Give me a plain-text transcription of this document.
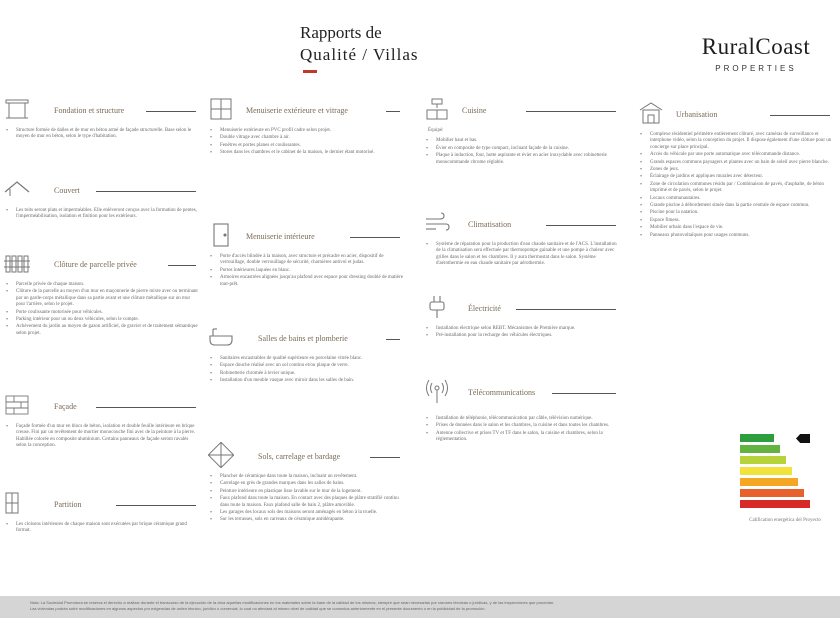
Rapports de
Qualité / Villas	RuralCoast
PROPERTIES
Fondation et structure
• Structure formée de dalles et de mur en béton armé de façade structurelle. Base selon le moyen de mur en béton, selon le type d'habitation.
Couvert
• Les toits seront plats et imperméables. Elle enlèveront conçus avec la formation de pentes, l'imperméabilisation, isolation et finition pour les extérieurs.
Clôture de parcelle privée
• Parcelle privée de chaque maison.
• Clôture de la parcelle au moyen d'un mur en maçonnerie de pierre mixte avec ou terminant par un garde-corps métallique dans sa partie avant et une clôture métallique sur un mur pour l'arrière, selon le projet.
• Porte coulissante motorisée pour véhicules.
• Parking intérieur pour un ou deux véhicules, selon le compte.
• Achèvement du jardin au moyen de gazon artificiel, de gravier et de traitement sémantique selon projet.
Façade
• Façade formée d'un mur en blocs de béton, isolation et double feuille intérieure en brique creuse. Fini par un revêtement de mortier monocouche fini avec de la peinture à la pierre. Habillée colorée en composite aluminium. Certains panneaux de façade seront ravalés selon la conception.
Partition
• Les cloisons intérieures de chaque maison sont exécutées par brique céramique grand format.
Menuiserie extérieure et vitrage
• Menuiserie extérieure en PVC profil cadre selon projet.
• Double vitrage avec chambre à air.
• Fenêtres et portes planes et coulissantes.
• Stores dans les chambres et le cabinet de la maison, le dernier étant motorisé.
Menuiserie intérieure
• Porte d'accès blindée à la maison, avec structure et précadre en acier, dispositif de verrouillage, double verrouillage de sécurité, charnières antivol et judas.
• Portes intérieures laquées en blanc.
• Armoires encastrées alignées jusqu'au plafond avec espace pour dressing doublé de matière tout-prêt.
Salles de bains et plomberie
• Sanitaires encastrables de qualité supérieure en porcelaine vitrée blanc.
• Espace douche réalisé avec un sol continu et/ou plaque de verre.
• Robinetterie chromée à levier unique.
• Installation d'un meuble vasque avec miroir dans les salles de bain.
Sols, carrelage et bardage
• Plancher de céramique dans toute la maison, incluant un revêtement.
• Carrelage en grès de grandes marques dans les salles de bains.
• Peinture intérieure en plastique lisse lavable sur le mur de la logement.
• Faux plafond dans toute la maison. En contact avec des plaques de plâtre stratifié continu dans toute la maison. Faux plafond salle de bain 2, plâtre amovible.
• Les garages des locaux sols des maisons seront aménagés en béton à la truelle.
• Sur les terrasses, sols en carreaux de céramique antidérapante.
Cuisine

Équipé:

• Mobilier haut et bas.
• Évier en composite de type compact, incluant façade de la cuisine.
• Plaque à induction, four, hotte aspirante et évier en acier inoxydable avec robinetterie monocommande chrome réglable.
Climatisation
• Système de réparation pour la production d'eau chaude sanitaire et de l'ACS. L'installation de la climatisation sera effectuée par thermopompe gainable et une pompe à chaleur avec grilles dans le salon et les chambres. Il y aura thermostat dans le salon. Système d'aérothermie en eau chaude sanitaire par aérothermie.
Électricité
• Installation électrique selon REBT. Mécanismes de Première marque.
• Pré-installation pour la recharge des véhicules électriques.
Télécommunications
• Installation de téléphonie, télécommunication par câble, télévision numérique.
• Prises de données dans le salon et les chambres, la cuisine et dans toutes les chambres.
• Antenne collective et prises TV et TF dans le salon, la cuisine et chambres, selon la réglementation.
Urbanisation
• Complexe résidentiel périmètre entièrement clôturé, avec caméras de surveillance et interphone vidéo, selon la conception du projet. Il dispose également d'une clôture pour un concierge sur place principal.
• Accès du véhicule par une porte automatique avec télécommande distance.
• Grands espaces communs paysagers et plantes avec un bain de soleil avec pierre blanche.
• Zones de jeux.
• Éclairage de jardins et appliques murales avec détecteur.
• Zone de circulation communes résidu par / Combinaison de pavés, d'asphalte, de béton imprimé et de pavés, selon le projet.
• Locaux communautaires.
• Grande piscine à débordement située dans la partie centrale de espace commun.
• Piscine pour la natation.
• Espace fitness.
• Mobilier urbain dans l'espace de vie.
• Panneaux photovoltaïques pour usages communs.
Calification energética del Proyecto

Nota: La Sociedad Promotora se reserva el derecho a realizar durante el transcurso de la ejecución de la obra aquellas modificaciones en los materiales sobre la base de la calidad de los mismos, siempre que sean necesarias por razones técnicas o jurídicas, y de las inspecciones que procedan.

Las viviendas podrán sufrir modificaciones en algunos aspectos por exigencias de orden técnico, jurídico o comercial, lo cual no afectará al mismo nivel de calidad que se comunica anteriormente en el presente documento o en la publicidad de la promoción.
